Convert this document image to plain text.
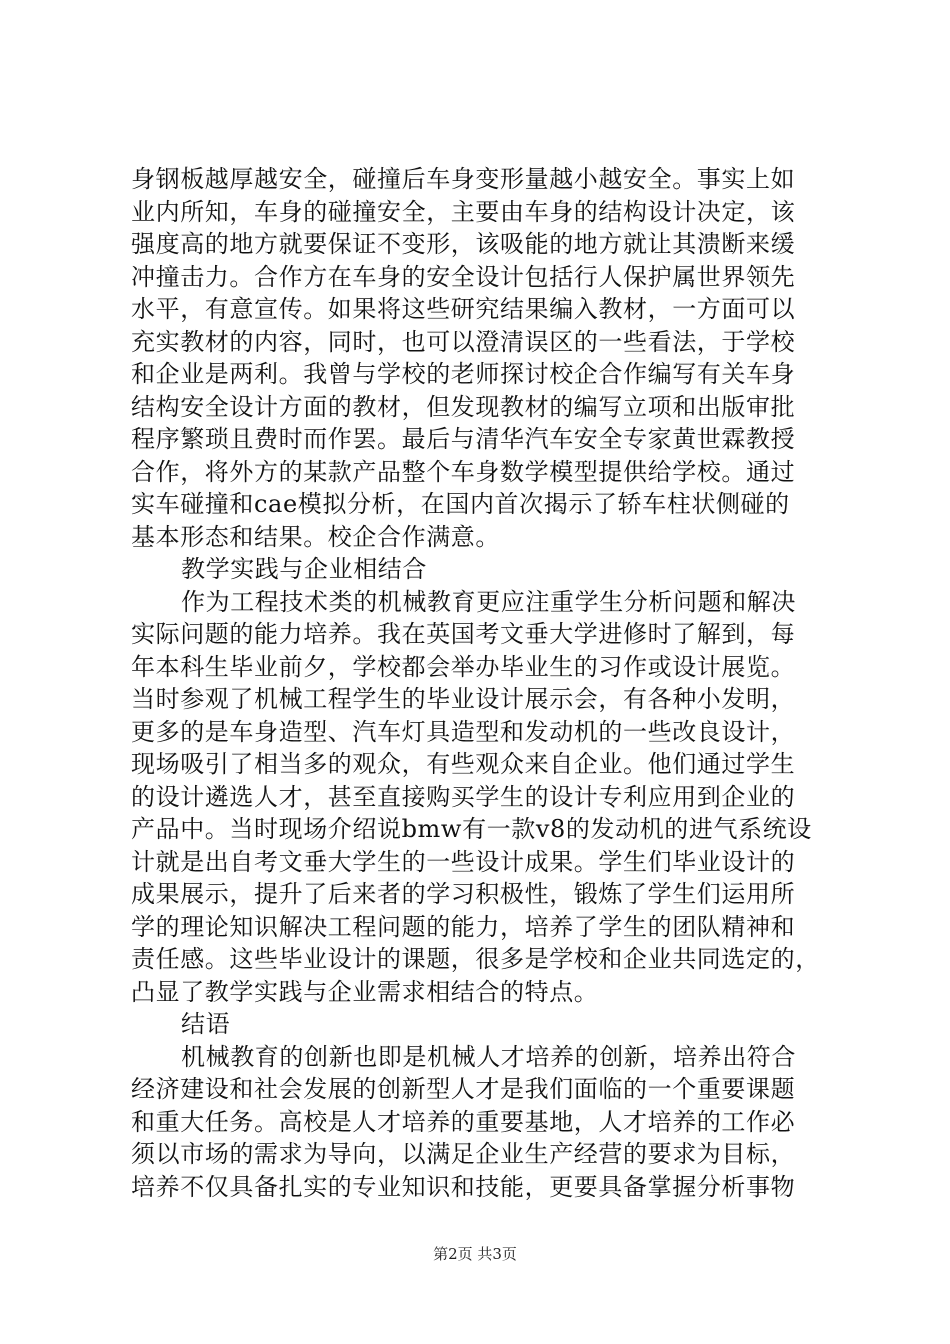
身钢板越厚越安全，碰撞后车身变形量越小越安全。事实上如
业内所知，车身的碰撞安全，主要由车身的结构设计决定，该
强度高的地方就要保证不变形，该吸能的地方就让其溃断来缓
冲撞击力。合作方在车身的安全设计包括行人保护属世界领先
水平，有意宣传。如果将这些研究结果编入教材，一方面可以
充实教材的内容，同时，也可以澄清误区的一些看法，于学校
和企业是两利。我曾与学校的老师探讨校企合作编写有关车身
结构安全设计方面的教材，但发现教材的编写立项和出版审批
程序繁琐且费时而作罢。最后与清华汽车安全专家黄世霖教授
合作，将外方的某款产品整个车身数学模型提供给学校。通过
实车碰撞和cae模拟分析，在国内首次揭示了轿车柱状侧碰的
基本形态和结果。校企合作满意。
教学实践与企业相结合
作为工程技术类的机械教育更应注重学生分析问题和解决
实际问题的能力培养。我在英国考文垂大学进修时了解到，每
年本科生毕业前夕，学校都会举办毕业生的习作或设计展览。
当时参观了机械工程学生的毕业设计展示会，有各种小发明，
更多的是车身造型、汽车灯具造型和发动机的一些改良设计，
现场吸引了相当多的观众，有些观众来自企业。他们通过学生
的设计遴选人才，甚至直接购买学生的设计专利应用到企业的
产品中。当时现场介绍说bmw有一款v8的发动机的进气系统设
计就是出自考文垂大学生的一些设计成果。学生们毕业设计的
成果展示，提升了后来者的学习积极性，锻炼了学生们运用所
学的理论知识解决工程问题的能力，培养了学生的团队精神和
责任感。这些毕业设计的课题，很多是学校和企业共同选定的，
凸显了教学实践与企业需求相结合的特点。
结语
机械教育的创新也即是机械人才培养的创新，培养出符合
经济建设和社会发展的创新型人才是我们面临的一个重要课题
和重大任务。高校是人才培养的重要基地，人才培养的工作必
须以市场的需求为导向，以满足企业生产经营的要求为目标，
培养不仅具备扎实的专业知识和技能，更要具备掌握分析事物
第2页 共3页
